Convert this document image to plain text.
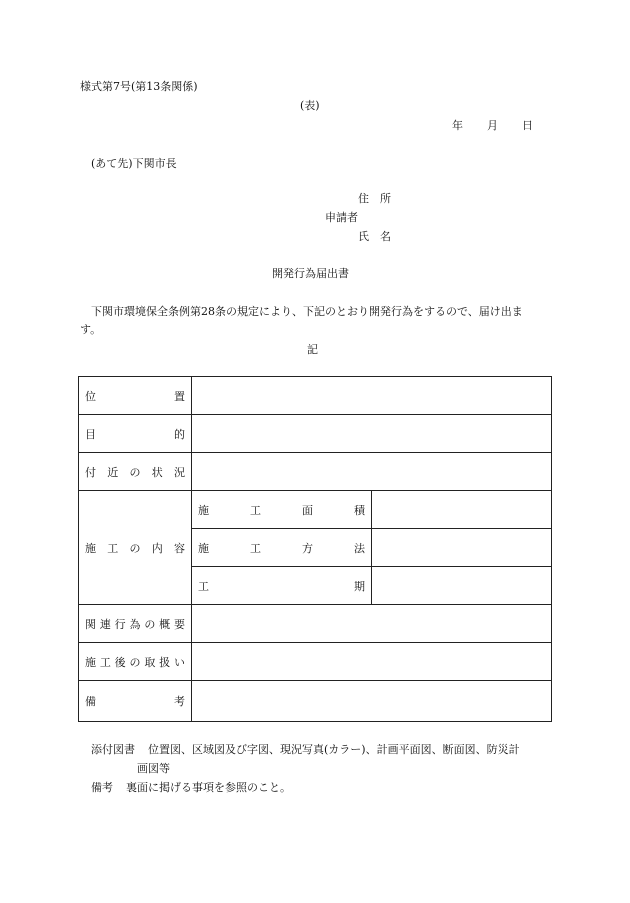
様式第7号(第13条関係)
(表)
年 月 日
(あて先)下関市長
住　所
申請者
氏　名
開発行為届出書
下関市環境保全条例第28条の規定により、下記のとおり開発行為をするので、届け出ま
す。
記
位　　　　置		
目　　　　的		
付近の状況		
施工の内容	施工面積	
	施工方法	
	工　　期	
関連行為の概要		
施工後の取扱い		
備　　　　考		
添付図書 位置図、区域図及び字図、現況写真(カラー)、計画平面図、断面図、防災計
画図等
備考 裏面に掲げる事項を参照のこと。
